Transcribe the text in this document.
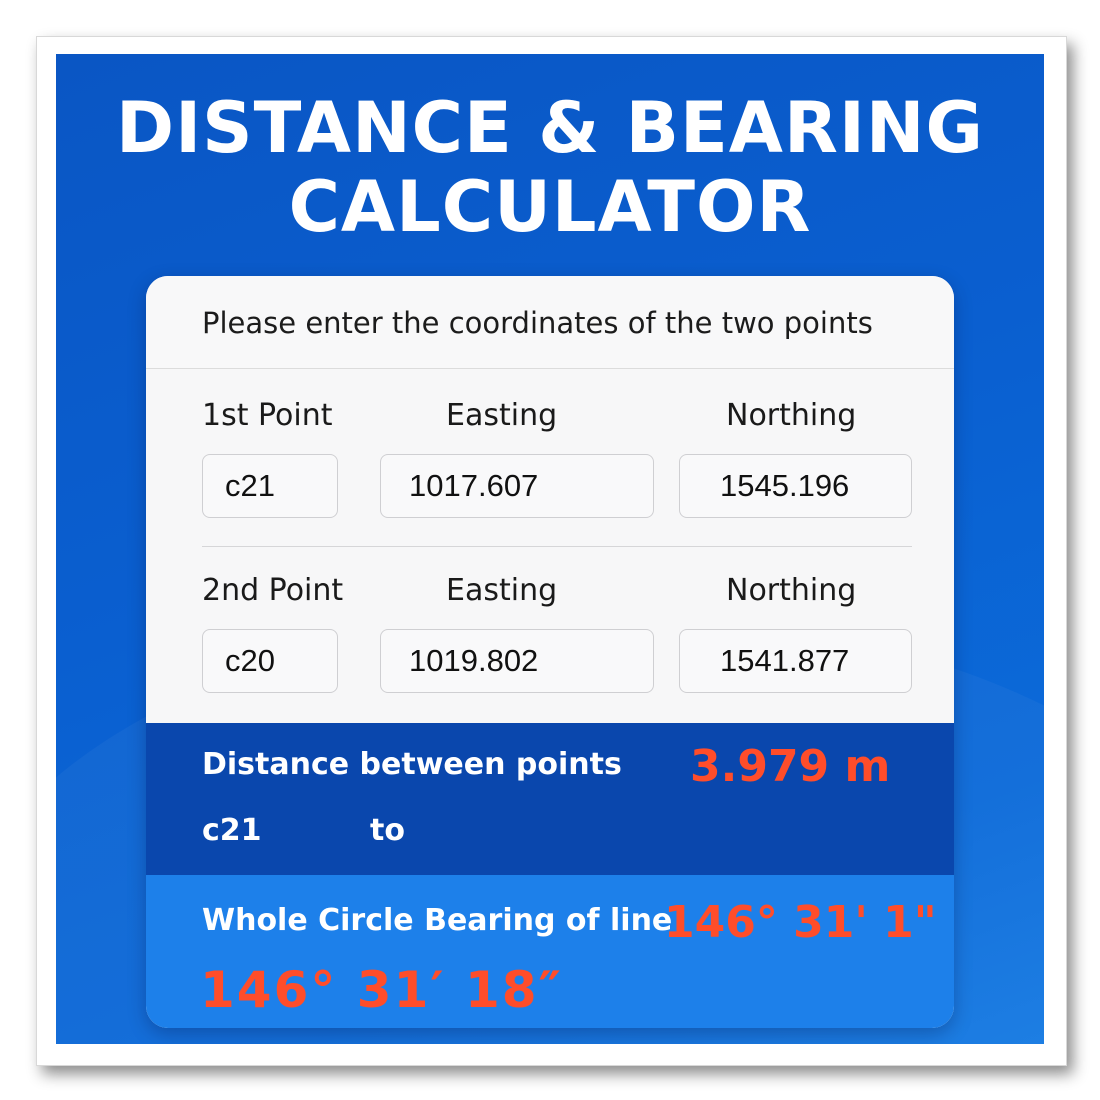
DISTANCE & BEARING
CALCULATOR
Please enter the coordinates of the two points
1st Point	Easting	Northing
c21	1017.607	1545.196
2nd Point	Easting	Northing
c20	1019.802	1541.877
Distance between points 3.979 m
c21	to
Whole Circle Bearing of line
146° 31' 1"
146° 31′ 18″
